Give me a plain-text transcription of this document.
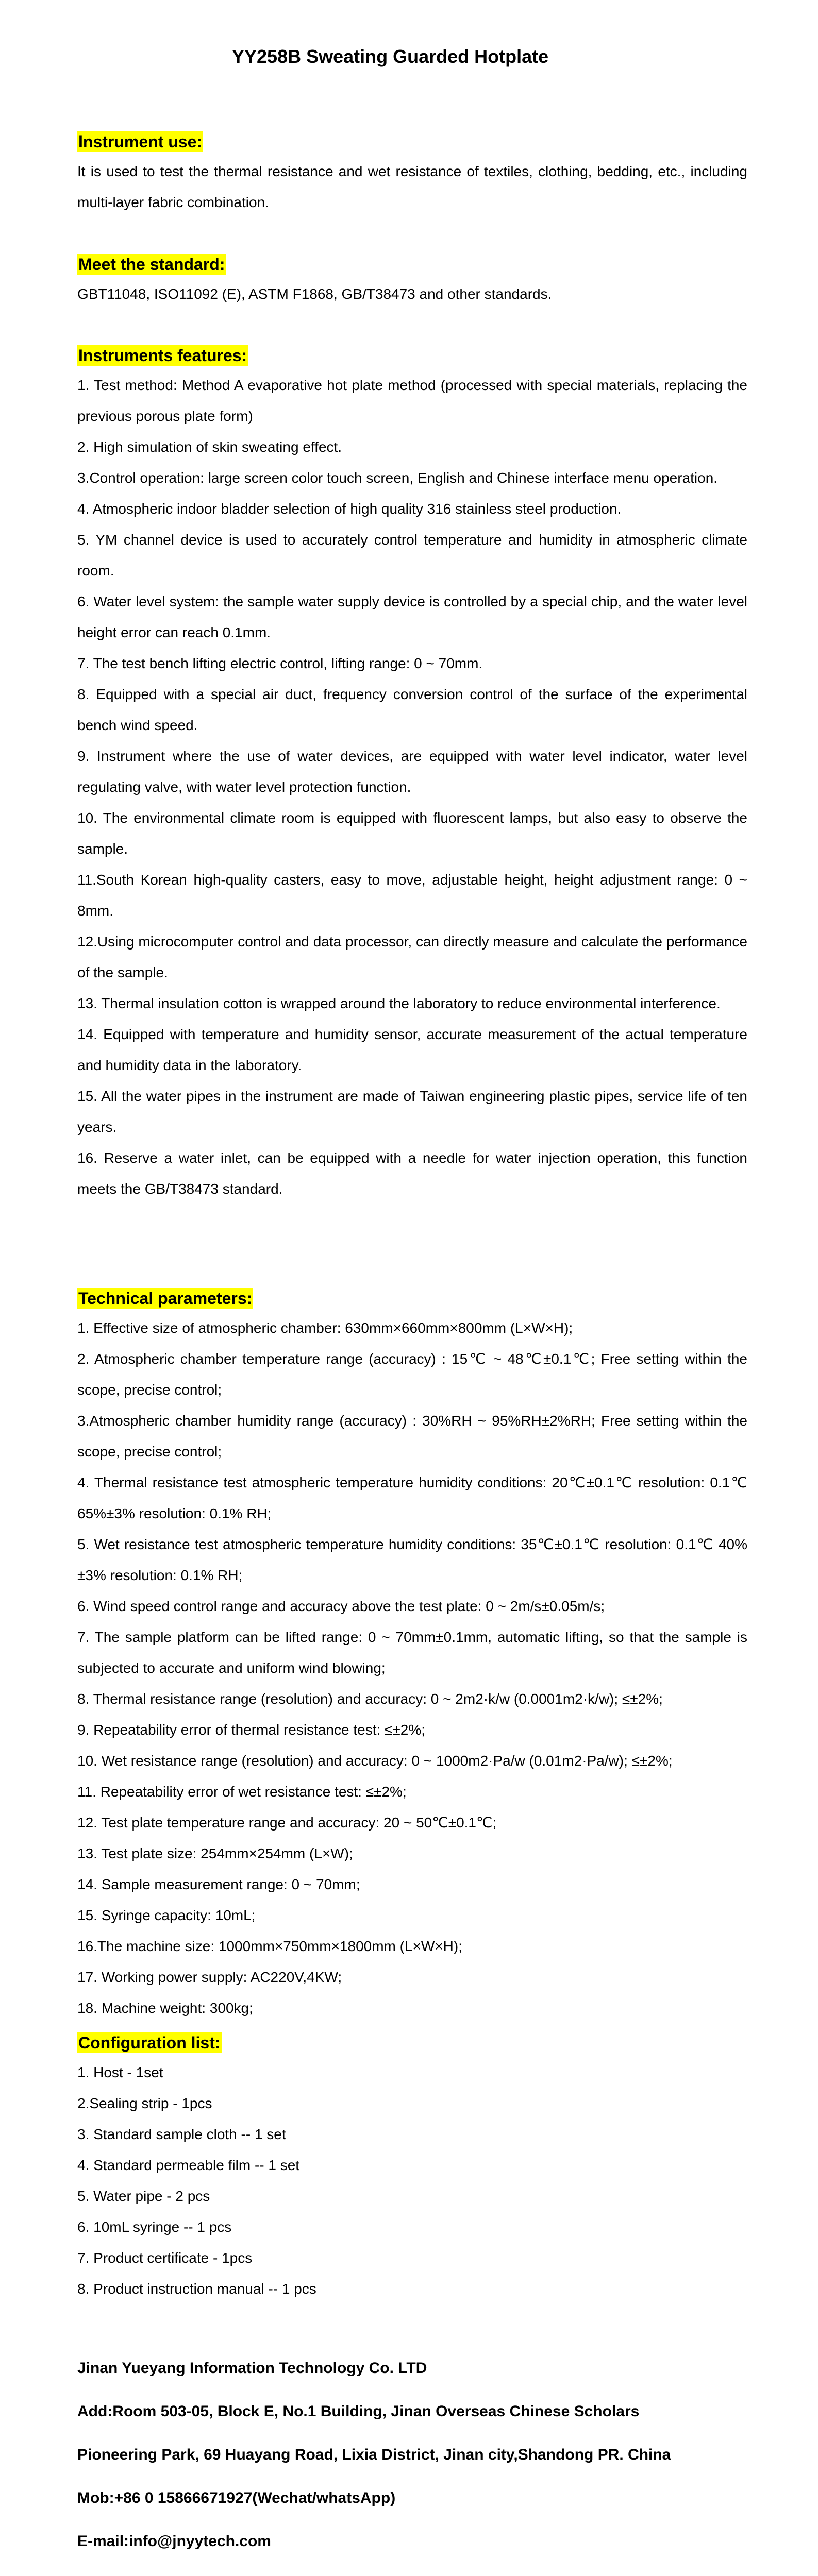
YY258B Sweating Guarded Hotplate
Instrument use:
It is used to test the thermal resistance and wet resistance of textiles, clothing, bedding, etc., including multi-layer fabric combination.
Meet the standard:
GBT11048, ISO11092 (E), ASTM F1868, GB/T38473 and other standards.
Instruments features:
1. Test method: Method A evaporative hot plate method (processed with special materials, replacing the previous porous plate form)
2. High simulation of skin sweating effect.
3.Control operation: large screen color touch screen, English and Chinese interface menu operation.
4. Atmospheric indoor bladder selection of high quality 316 stainless steel production.
5. YM channel device is used to accurately control temperature and humidity in atmospheric climate room.
6. Water level system: the sample water supply device is controlled by a special chip, and the water level height error can reach 0.1mm.
7. The test bench lifting electric control, lifting range: 0 ~ 70mm.
8. Equipped with a special air duct, frequency conversion control of the surface of the experimental bench wind speed.
9. Instrument where the use of water devices, are equipped with water level indicator, water level regulating valve, with water level protection function.
10. The environmental climate room is equipped with fluorescent lamps, but also easy to observe the sample.
11.South Korean high-quality casters, easy to move, adjustable height, height adjustment range: 0 ~ 8mm.
12.Using microcomputer control and data processor, can directly measure and calculate the performance of the sample.
13. Thermal insulation cotton is wrapped around the laboratory to reduce environmental interference.
14. Equipped with temperature and humidity sensor, accurate measurement of the actual temperature and humidity data in the laboratory.
15. All the water pipes in the instrument are made of Taiwan engineering plastic pipes, service life of ten years.
16. Reserve a water inlet, can be equipped with a needle for water injection operation, this function meets the GB/T38473 standard.
Technical parameters:
1. Effective size of atmospheric chamber: 630mm×660mm×800mm (L×W×H);
2. Atmospheric chamber temperature range (accuracy) : 15℃ ~ 48℃±0.1℃; Free setting within the scope, precise control;
3.Atmospheric chamber humidity range (accuracy) : 30%RH ~ 95%RH±2%RH; Free setting within the scope, precise control;
4. Thermal resistance test atmospheric temperature humidity conditions: 20℃±0.1℃ resolution: 0.1℃ 65%±3% resolution: 0.1% RH;
5. Wet resistance test atmospheric temperature humidity conditions: 35℃±0.1℃ resolution: 0.1℃ 40%±3% resolution: 0.1% RH;
6. Wind speed control range and accuracy above the test plate: 0 ~ 2m/s±0.05m/s;
7. The sample platform can be lifted range: 0 ~ 70mm±0.1mm, automatic lifting, so that the sample is subjected to accurate and uniform wind blowing;
8. Thermal resistance range (resolution) and accuracy: 0 ~ 2m2·k/w (0.0001m2·k/w); ≤±2%;
9. Repeatability error of thermal resistance test: ≤±2%;
10. Wet resistance range (resolution) and accuracy: 0 ~ 1000m2·Pa/w (0.01m2·Pa/w); ≤±2%;
11. Repeatability error of wet resistance test: ≤±2%;
12. Test plate temperature range and accuracy: 20 ~ 50℃±0.1℃;
13. Test plate size: 254mm×254mm (L×W);
14. Sample measurement range: 0 ~ 70mm;
15. Syringe capacity: 10mL;
16.The machine size: 1000mm×750mm×1800mm (L×W×H);
17. Working power supply: AC220V,4KW;
18. Machine weight: 300kg;
Configuration list:
1. Host - 1set
2.Sealing strip - 1pcs
3. Standard sample cloth -- 1 set
4. Standard permeable film -- 1 set
5. Water pipe - 2 pcs
6. 10mL syringe -- 1 pcs
7. Product certificate - 1pcs
8. Product instruction manual -- 1 pcs
Jinan Yueyang Information Technology Co. LTD
Add:Room 503-05, Block E, No.1 Building, Jinan Overseas Chinese Scholars
Pioneering Park, 69 Huayang Road, Lixia District, Jinan city,Shandong PR. China
Mob:+86 0 15866671927(Wechat/whatsApp)
E-mail:info@jnyytech.com
